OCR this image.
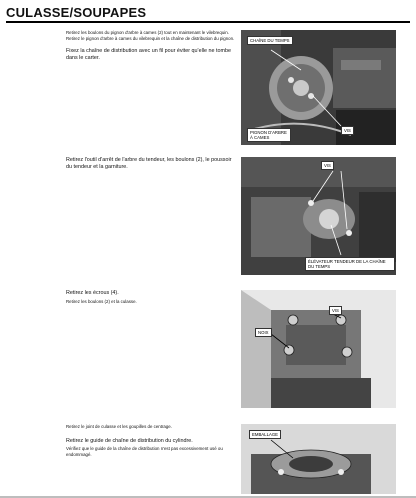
CULASSE/SOUPAPES

Retirez les boulons du pignon d'arbre à cames (2) tout en maintenant le vilebrequin. Retirez le pignon d'arbre à cames du vilebrequin et la chaîne de distribution du pignon.

Fixez la chaîne de distribution avec un fil pour éviter qu'elle ne tombe dans le carter.

CHAÎNE DU TEMPS
PIGNON D'ARBRE À CAMES
VIS

Retirez l'outil d'arrêt de l'arbre du tendeur, les boulons (2), le poussoir du tendeur et la garniture.	VIS
ÉLÉVATEUR TENDEUR DE LA CHAÎNE DU TEMPS

Retirez les écrous (4).

Retirez les boulons (2) et la culasse.

VIS
NOIX

Retirez le joint de culasse et les goupilles de centrage.

Retirez le guide de chaîne de distribution du cylindre.

Vérifiez que le guide de la chaîne de distribution n'est pas excessivement usé ou endommagé.

EMBALLAGE
